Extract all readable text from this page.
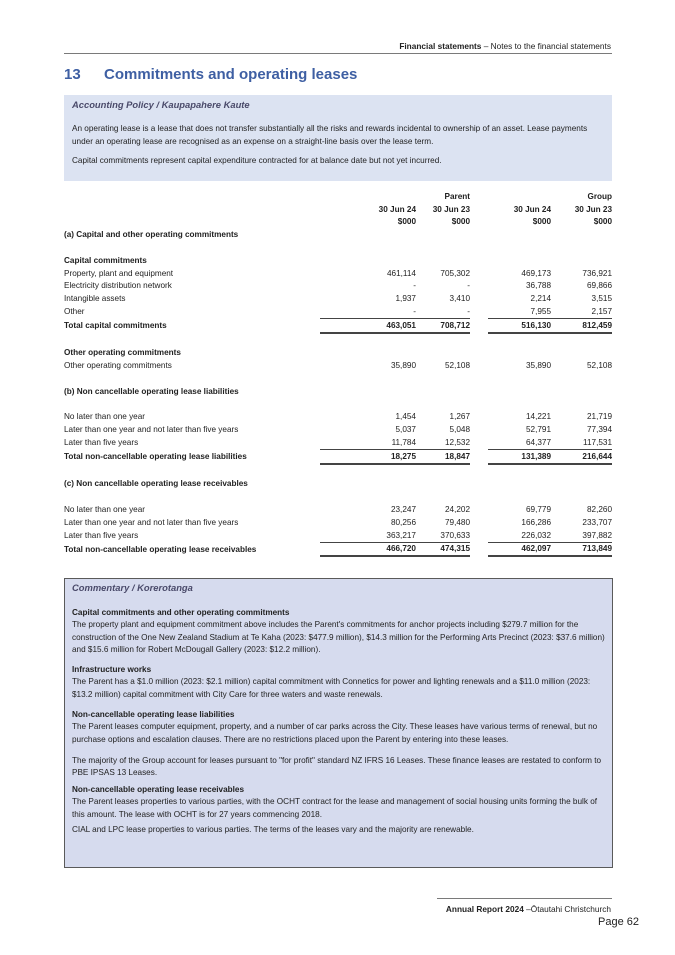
Financial statements – Notes to the financial statements
13 Commitments and operating leases
Accounting Policy / Kaupapahere Kaute

An operating lease is a lease that does not transfer substantially all the risks and rewards incidental to ownership of an asset. Lease payments under an operating lease are recognised as an expense on a straight-line basis over the lease term.

Capital commitments represent capital expenditure contracted for at balance date but not yet incurred.

	Parent			Group	
	30 Jun 24	30 Jun 23		30 Jun 24	30 Jun 23
	$000	$000		$000	$000
(a) Capital and other operating commitments					

Capital commitments					
Property, plant and equipment	461,114	705,302		469,173	736,921
Electricity distribution network	-	-		36,788	69,866
Intangible assets	1,937	3,410		2,214	3,515
Other	-	-		7,955	2,157
Total capital commitments	463,051	708,712		516,130	812,459

Other operating commitments					
Other operating commitments	35,890	52,108		35,890	52,108

(b) Non cancellable operating lease liabilities					

No later than one year	1,454	1,267		14,221	21,719
Later than one year and not later than five years	5,037	5,048		52,791	77,394
Later than five years	11,784	12,532		64,377	117,531
Total non-cancellable operating lease liabilities	18,275	18,847		131,389	216,644

(c) Non cancellable operating lease receivables					

No later than one year	23,247	24,202		69,779	82,260
Later than one year and not later than five years	80,256	79,480		166,286	233,707
Later than five years	363,217	370,633		226,032	397,882
Total non-cancellable operating lease receivables	466,720	474,315		462,097	713,849
Commentary / Korerotanga
Capital commitments and other operating commitments
The property plant and equipment commitment above includes the Parent's commitments for anchor projects including $279.7 million for the construction of the One New Zealand Stadium at Te Kaha (2023: $477.9 million), $14.3 million for the Performing Arts Precinct (2023: $37.6 million) and $15.6 million for Robert McDougall Gallery (2023: $12.2 million).
Infrastructure works
The Parent has a $1.0 million (2023: $2.1 million) capital commitment with Connetics for power and lighting renewals and a $11.0 million (2023: $13.2 million) capital commitment with City Care for three waters and waste renewals.
Non-cancellable operating lease liabilities
The Parent leases computer equipment, property, and a number of car parks across the City. These leases have various terms of renewal, but no purchase options and escalation clauses. There are no restrictions placed upon the Parent by entering into these leases.
The majority of the Group account for leases pursuant to "for profit" standard NZ IFRS 16 Leases. These finance leases are restated to conform to PBE IPSAS 13 Leases.
Non-cancellable operating lease receivables
The Parent leases properties to various parties, with the OCHT contract for the lease and management of social housing units forming the bulk of this amount. The lease with OCHT is for 27 years commencing 2018.
CIAL and LPC lease properties to various parties. The terms of the leases vary and the majority are renewable.
Annual Report 2024 –Ōtautahi Christchurch
Page 62
